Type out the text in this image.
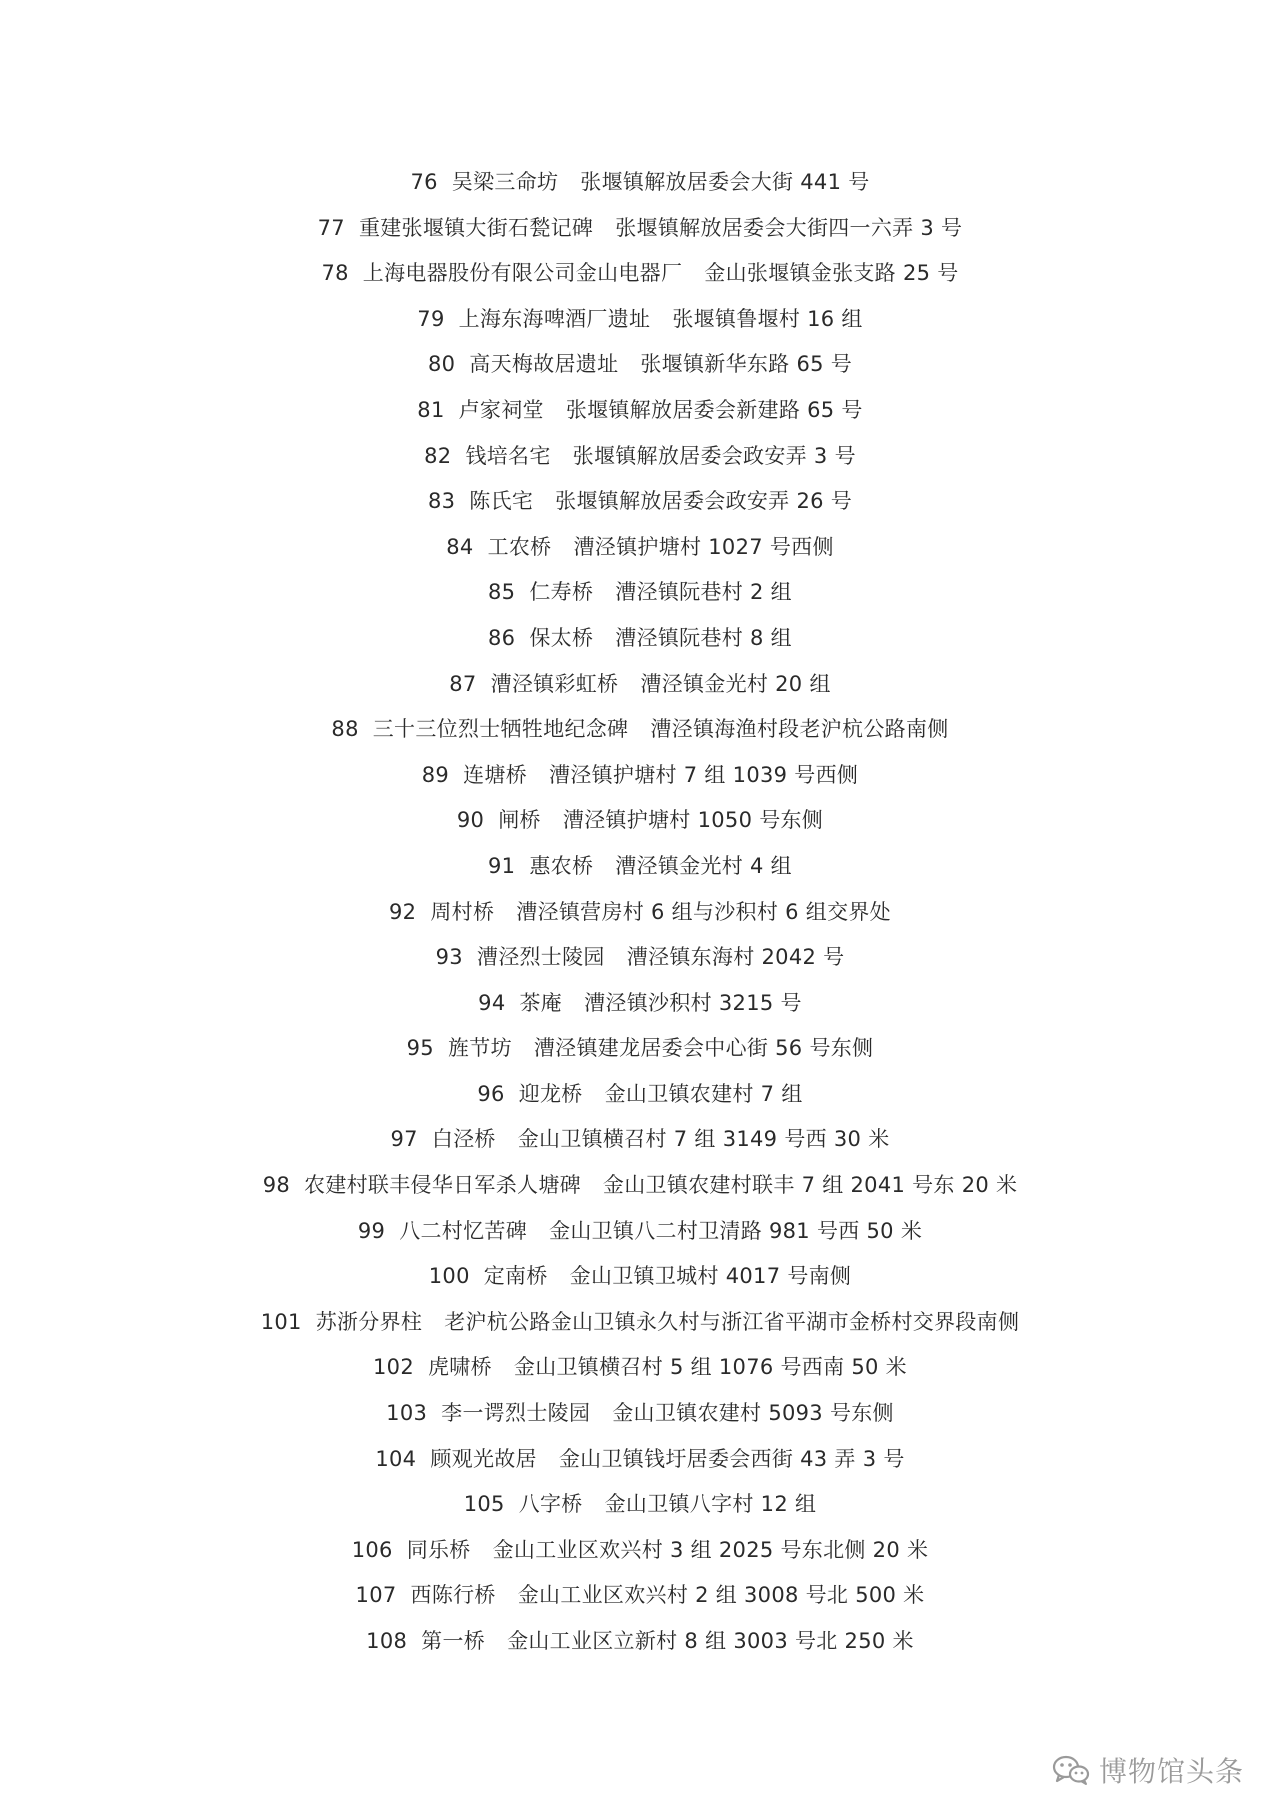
76 吴梁三命坊 张堰镇解放居委会大街 441 号
77 重建张堰镇大街石甃记碑 张堰镇解放居委会大街四一六弄 3 号
78 上海电器股份有限公司金山电器厂 金山张堰镇金张支路 25 号
79 上海东海啤酒厂遗址 张堰镇鲁堰村 16 组
80 高天梅故居遗址 张堰镇新华东路 65 号
81 卢家祠堂 张堰镇解放居委会新建路 65 号
82 钱培名宅 张堰镇解放居委会政安弄 3 号
83 陈氏宅 张堰镇解放居委会政安弄 26 号
84 工农桥 漕泾镇护塘村 1027 号西侧
85 仁寿桥 漕泾镇阮巷村 2 组
86 保太桥 漕泾镇阮巷村 8 组
87 漕泾镇彩虹桥 漕泾镇金光村 20 组
88 三十三位烈士牺牲地纪念碑 漕泾镇海渔村段老沪杭公路南侧
89 连塘桥 漕泾镇护塘村 7 组 1039 号西侧
90 闸桥 漕泾镇护塘村 1050 号东侧
91 惠农桥 漕泾镇金光村 4 组
92 周村桥 漕泾镇营房村 6 组与沙积村 6 组交界处
93 漕泾烈士陵园 漕泾镇东海村 2042 号
94 茶庵 漕泾镇沙积村 3215 号
95 旌节坊 漕泾镇建龙居委会中心街 56 号东侧
96 迎龙桥 金山卫镇农建村 7 组
97 白泾桥 金山卫镇横召村 7 组 3149 号西 30 米
98 农建村联丰侵华日军杀人塘碑 金山卫镇农建村联丰 7 组 2041 号东 20 米
99 八二村忆苦碑 金山卫镇八二村卫清路 981 号西 50 米
100 定南桥 金山卫镇卫城村 4017 号南侧
101 苏浙分界柱 老沪杭公路金山卫镇永久村与浙江省平湖市金桥村交界段南侧
102 虎啸桥 金山卫镇横召村 5 组 1076 号西南 50 米
103 李一谔烈士陵园 金山卫镇农建村 5093 号东侧
104 顾观光故居 金山卫镇钱圩居委会西街 43 弄 3 号
105 八字桥 金山卫镇八字村 12 组
106 同乐桥 金山工业区欢兴村 3 组 2025 号东北侧 20 米
107 西陈行桥 金山工业区欢兴村 2 组 3008 号北 500 米
108 第一桥 金山工业区立新村 8 组 3003 号北 250 米
博物馆头条
